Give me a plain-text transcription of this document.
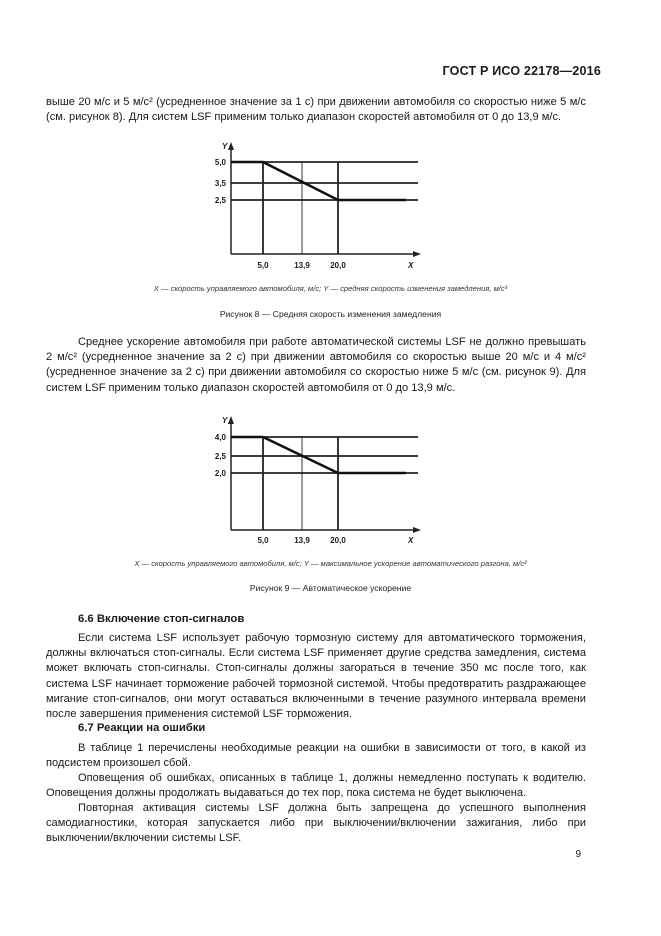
ГОСТ Р ИСО 22178—2016
выше 20 м/с и 5 м/с² (усредненное значение за 1 с) при движении автомобиля со скоростью ниже 5 м/с (см. рисунок 8). Для систем LSF применим только диапазон скоростей автомобиля от 0 до 13,9 м/с.
Y
X
5,0
3,5
2,5
5,0	13,9	20,0
X — скорость управляемого автомобиля, м/с; Y — средняя скорость изменения замедления, м/с³
Рисунок 8 — Средняя скорость изменения замедления
Среднее ускорение автомобиля при работе автоматической системы LSF не должно превышать 2 м/с² (усредненное значение за 2 с) при движении автомобиля со скоростью выше 20 м/с и 4 м/с² (усредненное значение за 2 с) при движении автомобиля со скоростью ниже 5 м/с (см. рисунок 9). Для систем LSF применим только диапазон скоростей автомобиля от 0 до 13,9 м/с.
Y
X
4,0
2,5
2,0
5,0	13,9	20,0
X — скорость управляемого автомобиля, м/с; Y — максимальное ускорение автоматического разгона, м/с²
Рисунок 9 — Автоматическое ускорение
6.6 Включение стоп-сигналов
Если система LSF использует рабочую тормозную систему для автоматического торможения, должны включаться стоп-сигналы. Если система LSF применяет другие средства замедления, система может включать стоп-сигналы. Стоп-сигналы должны загораться в течение 350 мс после того, как система LSF начинает торможение рабочей тормозной системой. Чтобы предотвратить раздражающее мигание стоп-сигналов, они могут оставаться включенными в течение разумного интервала времени после завершения применения системой LSF торможения.
6.7 Реакции на ошибки
В таблице 1 перечислены необходимые реакции на ошибки в зависимости от того, в какой из подсистем произошел сбой.
Оповещения об ошибках, описанных в таблице 1, должны немедленно поступать к водителю. Оповещения должны продолжать выдаваться до тех пор, пока система не будет выключена.
Повторная активация системы LSF должна быть запрещена до успешного выполнения самодиагностики, которая запускается либо при выключении/включении зажигания, либо при выключении/включении системы LSF.
9
